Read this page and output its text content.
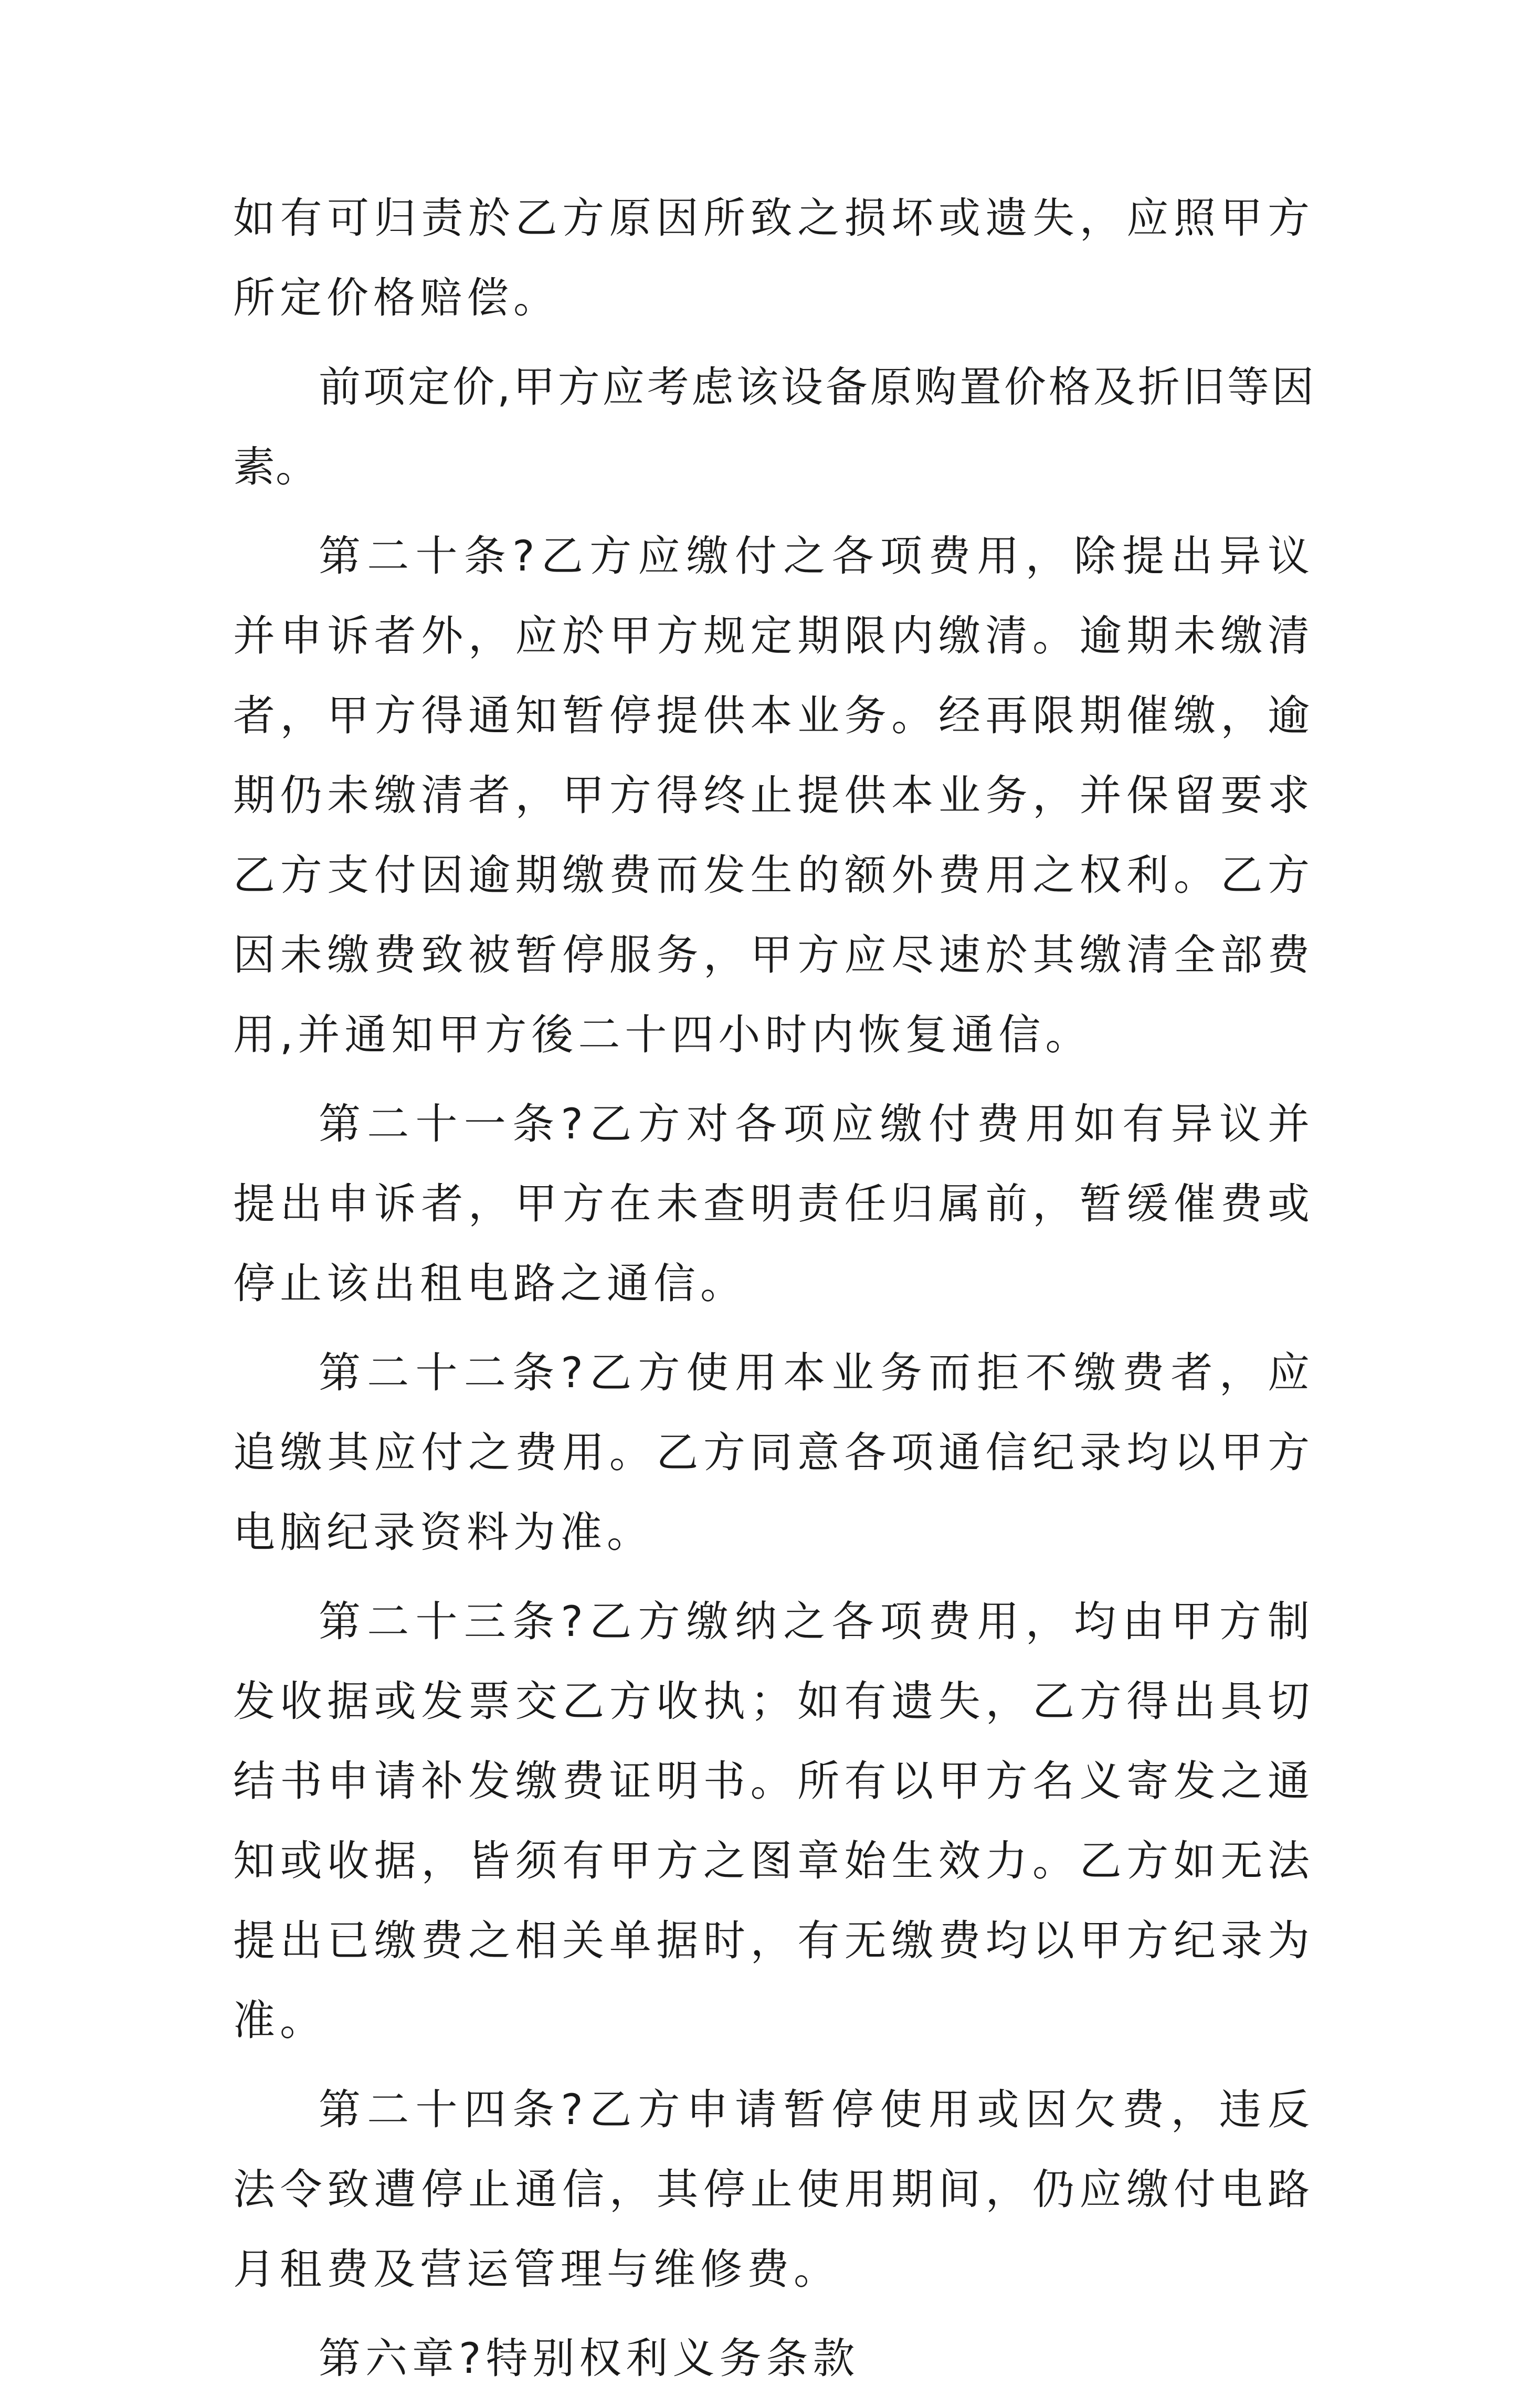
如有可归责於乙方原因所致之损坏或遗失，应照甲方所定价格赔偿。

前项定价,甲方应考虑该设备原购置价格及折旧等因素。

第二十条?乙方应缴付之各项费用，除提出异议并申诉者外，应於甲方规定期限内缴清。逾期未缴清者，甲方得通知暂停提供本业务。经再限期催缴，逾期仍未缴清者，甲方得终止提供本业务，并保留要求乙方支付因逾期缴费而发生的额外费用之权利。乙方因未缴费致被暂停服务，甲方应尽速於其缴清全部费用,并通知甲方後二十四小时内恢复通信。

第二十一条?乙方对各项应缴付费用如有异议并提出申诉者，甲方在未查明责任归属前，暂缓催费或停止该出租电路之通信。

第二十二条?乙方使用本业务而拒不缴费者，应追缴其应付之费用。乙方同意各项通信纪录均以甲方电脑纪录资料为准。

第二十三条?乙方缴纳之各项费用，均由甲方制发收据或发票交乙方收执；如有遗失，乙方得出具切结书申请补发缴费证明书。所有以甲方名义寄发之通知或收据，皆须有甲方之图章始生效力。乙方如无法提出已缴费之相关单据时，有无缴费均以甲方纪录为准。

第二十四条?乙方申请暂停使用或因欠费，违反法令致遭停止通信，其停止使用期间，仍应缴付电路月租费及营运管理与维修费。

第六章?特别权利义务条款
